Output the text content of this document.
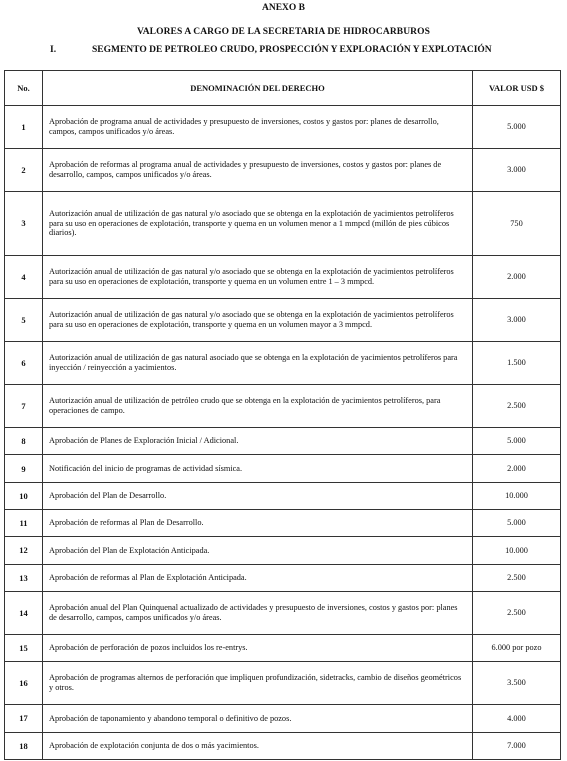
ANEXO B
VALORES A CARGO DE LA SECRETARIA DE HIDROCARBUROS
I.	SEGMENTO DE PETROLEO CRUDO, PROSPECCIÓN Y EXPLORACIÓN Y EXPLOTACIÓN
No.	DENOMINACIÓN DEL DERECHO	VALOR USD $
1	Aprobación de programa anual de actividades y presupuesto de inversiones, costos y gastos por: planes de desarrollo, campos, campos unificados y/o áreas.	5.000
2	Aprobación de reformas al programa anual de actividades y presupuesto de inversiones, costos y gastos por: planes de desarrollo, campos, campos unificados y/o áreas.	3.000
3	Autorización anual de utilización de gas natural y/o asociado que se obtenga en la explotación de yacimientos petrolíferos para su uso en operaciones de explotación, transporte y quema en un volumen menor a 1 mmpcd (millón de pies cúbicos diarios).	750
4	Autorización anual de utilización de gas natural y/o asociado que se obtenga en la explotación de yacimientos petrolíferos para su uso en operaciones de explotación, transporte y quema en un volumen entre 1 – 3 mmpcd.	2.000
5	Autorización anual de utilización de gas natural y/o asociado que se obtenga en la explotación de yacimientos petrolíferos para su uso en operaciones de explotación, transporte y quema en un volumen mayor a 3 mmpcd.	3.000
6	Autorización anual de utilización de gas natural asociado que se obtenga en la explotación de yacimientos petrolíferos para inyección / reinyección a yacimientos.	1.500
7	Autorización anual de utilización de petróleo crudo que se obtenga en la explotación de yacimientos petrolíferos, para operaciones de campo.	2.500
8	Aprobación de Planes de Exploración Inicial / Adicional.	5.000
9	Notificación del inicio de programas de actividad sísmica.	2.000
10	Aprobación del Plan de Desarrollo.	10.000
11	Aprobación de reformas al Plan de Desarrollo.	5.000
12	Aprobación del Plan de Explotación Anticipada.	10.000
13	Aprobación de reformas al Plan de Explotación Anticipada.	2.500
14	Aprobación anual del Plan Quinquenal actualizado de actividades y presupuesto de inversiones, costos y gastos por: planes de desarrollo, campos, campos unificados y/o áreas.	2.500
15	Aprobación de perforación de pozos incluidos los re-entrys.	6.000 por pozo
16	Aprobación de programas alternos de perforación que impliquen profundización, sidetracks, cambio de diseños geométricos y otros.	3.500
17	Aprobación de taponamiento y abandono temporal o definitivo de pozos.	4.000
18	Aprobación de explotación conjunta de dos o más yacimientos.	7.000
